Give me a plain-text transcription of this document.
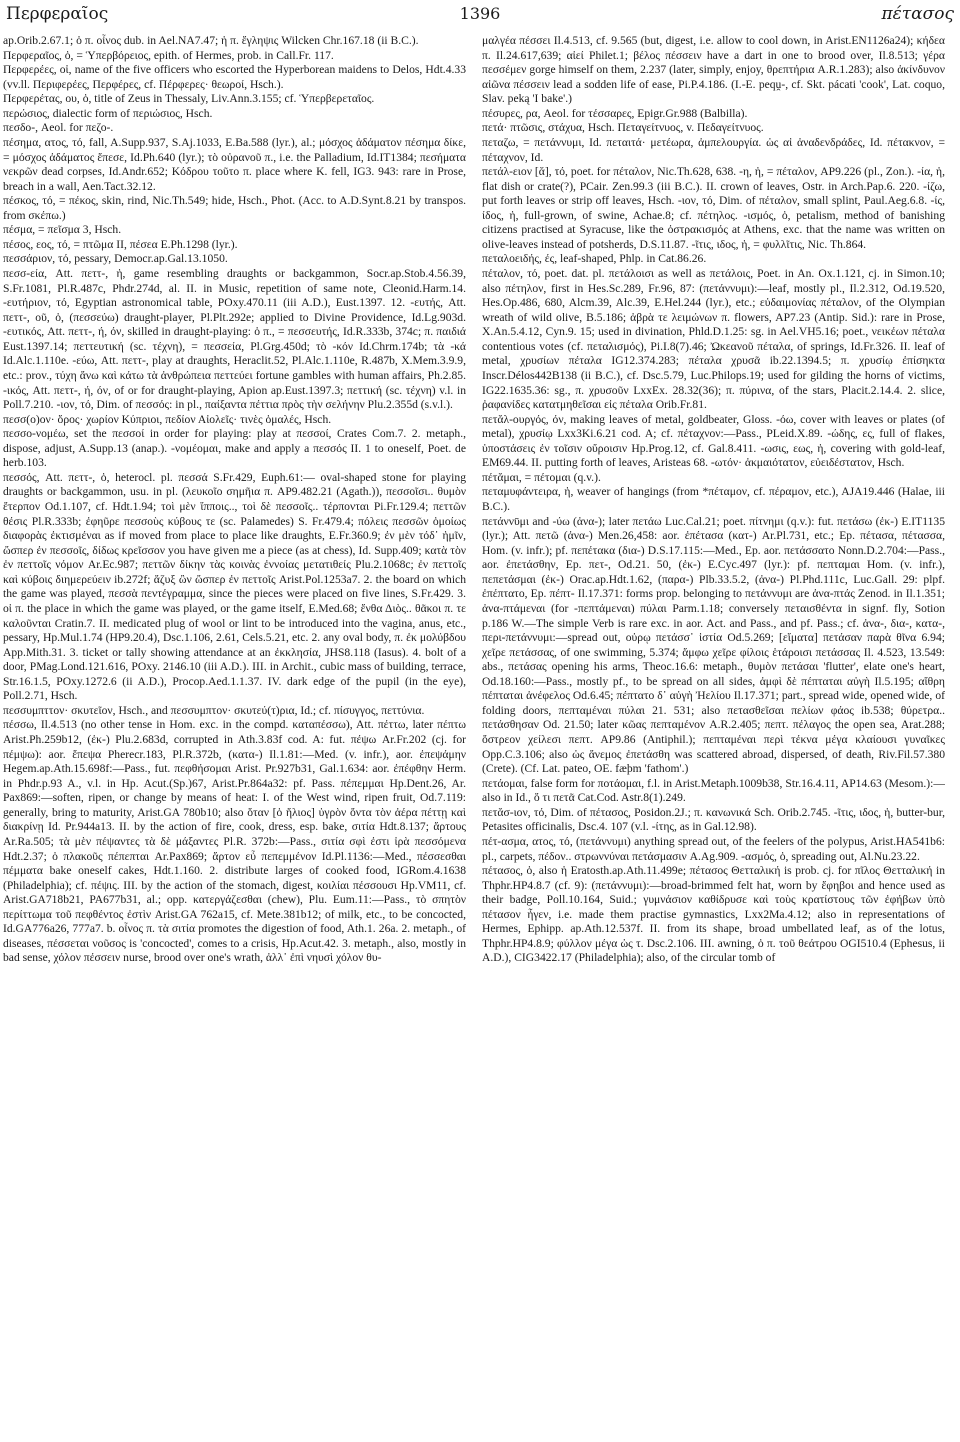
Περφεραῖος	1396	πέτασος

ap.Orib.2.67.1; ὁ π. οἶνος dub. in Ael.NA7.47; ἡ π. ἔγληψις Wilcken Chr.167.18 (ii B.C.).

Περφεραῖος, ὁ, = Ὑπερβόρειος, epith. of Hermes, prob. in Call.Fr. 117.

Περφερέες, οἱ, name of the five officers who escorted the Hyperborean maidens to Delos, Hdt.4.33 (vv.ll. Περιφερέες, Περφέρες, cf. Πέρφερες· θεωροί, Hsch.).

Περφερέτας, ου, ὁ, title of Zeus in Thessaly, Liv.Ann.3.155; cf. Ὑπερβερεταῖος.

περώσιος, dialectic form of περιώσιος, Hsch.

πεσδο-, Aeol. for πεζο-.

πέσημα, ατος, τό, fall, A.Supp.937, S.Aj.1033, E.Ba.588 (lyr.), al.; μόσχος ἀδάματον πέσημα δίκε, = μόσχος ἀδάματος ἔπεσε, Id.Ph.640 (lyr.); τὸ οὐρανοῦ π., i.e. the Palladium, Id.IT1384; πεσήματα νεκρῶν dead corpses, Id.Andr.652; Κόδρου τοῦτο π. place where K. fell, IG3. 943: rare in Prose, breach in a wall, Aen.Tact.32.12.

πέσκος, τό, = πέκος, skin, rind, Nic.Th.549; hide, Hsch., Phot. (Acc. to A.D.Synt.8.21 by transpos. from σκέπω.)

πέσμα, = πεῖσμα 3, Hsch.

πέσος, εος, τό, = πτῶμα II, πέσεα E.Ph.1298 (lyr.).

πεσσάριον, τό, pessary, Democr.ap.Gal.13.1050.

πεσσ-εία, Att. πεττ-, ἡ, game resembling draughts or backgammon, Socr.ap.Stob.4.56.39, S.Fr.1081, Pl.R.487c, Phdr.274d, al. II. in Music, repetition of same note, Cleonid.Harm.14. -ευτήριον, τό, Egyptian astronomical table, POxy.470.11 (iii A.D.), Eust.1397. 12. -ευτής, Att. πεττ-, οῦ, ὁ, (πεσσεύω) draught-player, Pl.Plt.292e; applied to Divine Providence, Id.Lg.903d. -ευτικός, Att. πεττ-, ή, όν, skilled in draught-playing: ὁ π., = πεσσευτής, Id.R.333b, 374c; π. παιδιά Eust.1397.14; πεττευτική (sc. τέχνη), = πεσσεία, Pl.Grg.450d; τὸ -κόν Id.Chrm.174b; τὰ -κά Id.Alc.1.110e. -εύω, Att. πεττ-, play at draughts, Heraclit.52, Pl.Alc.1.110e, R.487b, X.Mem.3.9.9, etc.: prov., τύχη ἄνω καὶ κάτω τὰ ἀνθρώπεια πεττεύει fortune gambles with human affairs, Ph.2.85. -ικός, Att. πεττ-, ή, όν, of or for draught-playing, Apion ap.Eust.1397.3; πεττική (sc. τέχνη) v.l. in Poll.7.210. -ιον, τό, Dim. of πεσσός: in pl., παίξαντα πέττια πρὸς τὴν σελήνην Plu.2.355d (s.v.l.).

πεσσ(ο)ον· ὅρος· χωρίον Κύπριοι, πεδίον Αἰολεῖς· τινὲς ὁμαλές, Hsch.

πεσσο-νομέω, set the πεσσοί in order for playing: play at πεσσοί, Crates Com.7. 2. metaph., dispose, adjust, A.Supp.13 (anap.). -νομέομαι, make and apply a πεσσός II. 1 to oneself, Poet. de herb.103.

πεσσός, Att. πεττ-, ὁ, heterocl. pl. πεσσά S.Fr.429, Euph.61:— oval-shaped stone for playing draughts or backgammon, usu. in pl. (λευκοῖο σημῆια π. AP9.482.21 (Agath.)), πεσσοῖσι.. θυμὸν ἔτερπον Od.1.107, cf. Hdt.1.94; τοὶ μὲν ἵπποις.., τοὶ δὲ πεσσοῖς.. τέρπονται Pi.Fr.129.4; πεττῶν θέσις Pl.R.333b; ἐφηῦρε πεσσοὺς κύβους τε (sc. Palamedes) S. Fr.479.4; πόλεις πεσσῶν ὁμοίως διαφορὰς ἐκτισμέναι as if moved from place to place like draughts, E.Fr.360.9; ἐν μὲν τόδ᾽ ἡμῖν, ὥσπερ ἐν πεσσοῖς, δίδως κρεῖσσον you have given me a piece (as at chess), Id. Supp.409; κατὰ τὸν ἐν πεττοῖς νόμον Ar.Ec.987; πεττῶν δίκην τὰς κοινὰς ἐννοίας μετατιθείς Plu.2.1068c; ἐν πεττοῖς καὶ κύβοις διημερεύειν ib.272f; ἅζυξ ὢν ὥσπερ ἐν πεττοῖς Arist.Pol.1253a7. 2. the board on which the game was played, πεσσὰ πεντέγραμμα, since the pieces were placed on five lines, S.Fr.429. 3. οἱ π. the place in which the game was played, or the game itself, E.Med.68; ἔνθα Διὸς.. θᾶκοι π. τε καλοῦνται Cratin.7. II. medicated plug of wool or lint to be introduced into the vagina, anus, etc., pessary, Hp.Mul.1.74 (HP9.20.4), Dsc.1.106, 2.61, Cels.5.21, etc. 2. any oval body, π. ἐκ μολύβδου App.Mith.31. 3. ticket or tally showing attendance at an ἐκκλησία, JHS8.118 (Iasus). 4. bolt of a door, PMag.Lond.121.616, POxy. 2146.10 (iii A.D.). III. in Archit., cubic mass of building, terrace, Str.16.1.5, POxy.1272.6 (ii A.D.), Procop.Aed.1.1.37. IV. dark edge of the pupil (in the eye), Poll.2.71, Hsch.

πεσσυμπττον· σκυτεῖον, Hsch., and πεσσυμπτον· σκυτεύ(τ)ρια, Id.; cf. πίσυγγος, πεττύνια.

πέσσω, Il.4.513 (no other tense in Hom. exc. in the compd. καταπέσσω), Att. πέττω, later πέπτω Arist.Ph.259b12, (ἐκ-) Plu.2.683d, corrupted in Ath.3.83f cod. A: fut. πέψω Ar.Fr.202 (cj. for πέμψω): aor. ἔπεψα Pherecr.183, Pl.R.372b, (κατα-) Il.1.81:—Med. (v. infr.), aor. ἐπεψάμην Hegem.ap.Ath.15.698f:—Pass., fut. πεφθήσομαι Arist. Pr.927b31, Gal.1.634: aor. ἐπέφθην Herm. in Phdr.p.93 A., v.l. in Hp. Acut.(Sp.)67, Arist.Pr.864a32: pf. Pass. πέπεμμαι Hp.Dent.26, Ar. Pax869:—soften, ripen, or change by means of heat: I. of the West wind, ripen fruit, Od.7.119: generally, bring to maturity, Arist.GA 780b10; also ὅταν [ὁ ἥλιος] ὑγρὸν ὄντα τὸν ἀέρα πέττῃ καὶ διακρίνῃ Id. Pr.944a13. II. by the action of fire, cook, dress, esp. bake, σιτία Hdt.8.137; ἄρτους Ar.Ra.505; τὰ μὲν πέψαντες τὰ δὲ μάξαντες Pl.R. 372b:—Pass., σιτία σφὶ ἐστι ἱρὰ πεσσόμενα Hdt.2.37; ὁ πλακοῦς πέπεπται Ar.Pax869; ἄρτον εὖ πεπεμμένον Id.Pl.1136:—Med., πέσσεσθαι πέμματα bake oneself cakes, Hdt.1.160. 2. distribute larges of cooked food, IGRom.4.1638 (Philadelphia); cf. πέψις. III. by the action of the stomach, digest, κοιλίαι πέσσουσι Hp.VM11, cf. Arist.GA718b21, PA677b31, al.; opp. κατεργάζεσθαι (chew), Plu. Eum.11:—Pass., τὸ σπητὸν περίττωμα τοῦ πεφθέντος ἐστὶν Arist.GA 762a15, cf. Mete.381b12; of milk, etc., to be concocted, Id.GA776a26, 777a7. b. οἶνος π. τὰ σιτία promotes the digestion of food, Ath.1. 26a. 2. metaph., of diseases, πέσσεται νοῦσος is 'concocted', comes to a crisis, Hp.Acut.42. 3. metaph., also, mostly in bad sense, χόλον πέσσειν nurse, brood over one's wrath, ἀλλ᾽ ἐπὶ νηυσὶ χόλον θυ-

μαλγέα πέσσει Il.4.513, cf. 9.565 (but, digest, i.e. allow to cool down, in Arist.EN1126a24); κήδεα π. Il.24.617,639; αἰεί Philet.1; βέλος πέσσειν have a dart in one to brood over, Il.8.513; γέρα πεσσέμεν gorge himself on them, 2.237 (later, simply, enjoy, θρεπτήρια A.R.1.283); also ἀκίνδυνον αἰῶνα πέσσειν lead a sodden life of ease, Pi.P.4.186. (I.-E. peqṷ-, cf. Skt. pácati 'cook', Lat. coquo, Slav. peką 'I bake'.)

πέσυρες, ρα, Aeol. for τέσσαρες, Epigr.Gr.988 (Balbilla).

πετά· πτῶσις, στάχυα, Hsch. Πεταγείτνυος, v. Πεδαγείτνυος.

πεταζω, = πετάννυμι, Id. πεταιτά· μετέωρα, ἀμπελουργία. ὡς αἱ ἀναδενδράδες, Id. πέτακνον, = πέταχνον, Id.

πετάλ-ειον [ᾰ], τό, poet. for πέταλον, Nic.Th.628, 638. -η, ἡ, = πέταλον, AP9.226 (pl., Zon.). -ία, ἡ, flat dish or crate(?), PCair. Zen.99.3 (iii B.C.). II. crown of leaves, Ostr. in Arch.Pap.6. 220. -ίζω, put forth leaves or strip off leaves, Hsch. -ιον, τό, Dim. of πέταλον, small splint, Paul.Aeg.6.8. -ίς, ίδος, ἡ, full-grown, of swine, Achae.8; cf. πέτηλος. -ισμός, ὁ, petalism, method of banishing citizens practised at Syracuse, like the ὀστρακισμός at Athens, exc. that the name was written on olive-leaves instead of potsherds, D.S.11.87. -ῖτις, ιδος, ἡ, = φυλλῖτις, Nic. Th.864.

πεταλοειδής, ές, leaf-shaped, Phlp. in Cat.86.26.

πέταλον, τό, poet. dat. pl. πετάλοισι as well as πετάλοις, Poet. in An. Ox.1.121, cj. in Simon.10; also πέτηλον, first in Hes.Sc.289, Fr.96, 87: (πετάννυμι):—leaf, mostly pl., Il.2.312, Od.19.520, Hes.Op.486, 680, Alcm.39, Alc.39, E.Hel.244 (lyr.), etc.; εὐδαιμονίας πέταλον, of the Olympian wreath of wild olive, B.5.186; ἁβρὰ τε λειμώνων π. flowers, AP7.23 (Antip. Sid.): rare in Prose, X.An.5.4.12, Cyn.9. 15; used in divination, Phld.D.1.25: sg. in Ael.VH5.16; poet., νεικέων πέταλα contentious votes (cf. πεταλισμός), Pi.I.8(7).46; Ὠκεανοῦ πέταλα, of springs, Id.Fr.326. II. leaf of metal, χρυσίων πέταλα IG12.374.283; πέταλα χρυσᾶ ib.22.1394.5; π. χρυσίῳ ἐπίσηκτα Inscr.Délos442B138 (ii B.C.), cf. Dsc.5.79, Luc.Philops.19; used for gilding the horns of victims, IG22.1635.36: sg., π. χρυσοῦν LxxEx. 28.32(36); π. πύρινα, of the stars, Placit.2.14.4. 2. slice, ῥαφανίδες κατατμηθεῖσαι εἰς πέταλα Orib.Fr.81.

πετᾰλ-ουργός, όν, making leaves of metal, goldbeater, Gloss. -όω, cover with leaves or plates (of metal), χρυσίῳ Lxx3Ki.6.21 cod. A; cf. πέταχνον:—Pass., PLeid.X.89. -ώδης, ες, full of flakes, ὑποστάσεις ἐν τοῖσιν οὔροισιν Hp.Prog.12, cf. Gal.8.411. -ωσις, εως, ἡ, covering with gold-leaf, EM69.44. II. putting forth of leaves, Aristeas 68. -ωτόν· ἀκμαιότατον, εὐειδέστατον, Hsch.

πέτᾰμαι, = πέτομαι (q.v.).

πεταμυφάντειρα, ἡ, weaver of hangings (from *πέταμον, cf. πέραμον, etc.), AJA19.446 (Halae, iii B.C.).

πετάννῡμι and -ύω (ἀνα-); later πετάω Luc.Cal.21; poet. πίτνημι (q.v.): fut. πετάσω (ἐκ-) E.IT1135 (lyr.); Att. πετῶ (ἀνα-) Men.26,458: aor. ἐπέτασα (κατ-) Ar.Pl.731, etc.; Ep. πέτασα, πέτασσα, Hom. (v. infr.); pf. πεπέτακα (δια-) D.S.17.115:—Med., Ep. aor. πετάσσατο Nonn.D.2.704:—Pass., aor. ἐπετάσθην, Ep. πετ-, Od.21. 50, (ἐκ-) E.Cyc.497 (lyr.): pf. πεπταμαι Hom. (v. infr.), πεπετάσμαι (ἐκ-) Orac.ap.Hdt.1.62, (παρα-) Plb.33.5.2, (ἀνα-) Pl.Phd.111c, Luc.Gall. 29: plpf. ἐπέπτατο, Ep. πέπτ- Il.17.371: forms prop. belonging to πετάννυμι are ἀνα-πτάς Zenod. in Il.1.351; ἀνα-πτάμεναι (for -πεπτάμεναι) πύλαι Parm.1.18; conversely πεταισθέντα in signf. fly, Sotion p.186 W.—The simple Verb is rare exc. in aor. Act. and Pass., and pf. Pass.; cf. ἀνα-, δια-, κατα-, περι-πετάννυμι:—spread out, οὐρῳ πετάσσ᾽ ἱστία Od.5.269; [εἵματα] πετάσαν παρὰ θῖνα 6.94; χεῖρε πετάσσας, of one swimming, 5.374; ἄμφω χεῖρε φίλοις ἑτάροισι πετάσσας Il. 4.523, 13.549: abs., πετάσας opening his arms, Theoc.16.6: metaph., θυμὸν πετάσαι 'flutter', elate one's heart, Od.18.160:—Pass., mostly pf., to be spread on all sides, ἀμφὶ δὲ πέπταται αὐγὴ Il.5.195; αἴθρη πέπταται ἀνέφελος Od.6.45; πέπτατο δ᾽ αὐγὴ Ἠελίου Il.17.371; part., spread wide, opened wide, of folding doors, πεπταμέναι πύλαι 21. 531; also πετασθεῖσαι πελίων φάος ib.538; θύρετρα.. πετάσθησαν Od. 21.50; later κῶας πεπταμένον A.R.2.405; πεπτ. πέλαγος the open sea, Arat.288; ὄστρεον χείλεσι πεπτ. AP9.86 (Antiphil.); πεπταμέναι περὶ τέκνα μέγα κλαίουσι γυναῖκες Opp.C.3.106; also ὡς ἄνεμος ἐπετάσθη was scattered abroad, dispersed, of death, Riv.Fil.57.380 (Crete). (Cf. Lat. pateo, OE. fæþm 'fathom'.)

πετάομαι, false form for ποτάομαι, f.l. in Arist.Metaph.1009b38, Str.16.4.11, AP14.63 (Mesom.):—also in Id., ὅ τι πετᾶ Cat.Cod. Astr.8(1).249.

πετᾰσ-ιον, τό, Dim. of πέτασος, Posidon.2J.; π. κανωνικά Sch. Orib.2.745. -ῖτις, ιδος, ἡ, butter-bur, Petasites officinalis, Dsc.4. 107 (v.l. -ίτης, as in Gal.12.98).

πέτ-ασμα, ατος, τό, (πετάννυμι) anything spread out, of the feelers of the polypus, Arist.HA541b6: pl., carpets, πέδον.. στρωννύναι πετάσμασιν A.Ag.909. -ασμός, ὁ, spreading out, Al.Nu.23.22.

πέτασος, ὁ, also ἡ Eratosth.ap.Ath.11.499e; πέτασος Θετταλική is prob. cj. for πῖλος Θετταλική in Thphr.HP4.8.7 (cf. 9): (πετάννυμι):—broad-brimmed felt hat, worn by ἔφηβοι and hence used as their badge, Poll.10.164, Suid.; γυμνάσιον καθίδρυσε καὶ τοὺς κρατίστους τῶν ἐφήβων ὑπὸ πέτασον ἦγεν, i.e. made them practise gymnastics, Lxx2Ma.4.12; also in representations of Hermes, Ephipp. ap.Ath.12.537f. II. from its shape, broad umbellated leaf, as of the lotus, Thphr.HP4.8.9; φύλλον μέγα ὡς τ. Dsc.2.106. III. awning, ὁ π. τοῦ θεάτρου OGI510.4 (Ephesus, ii A.D.), CIG3422.17 (Philadelphia); also, of the circular tomb of
